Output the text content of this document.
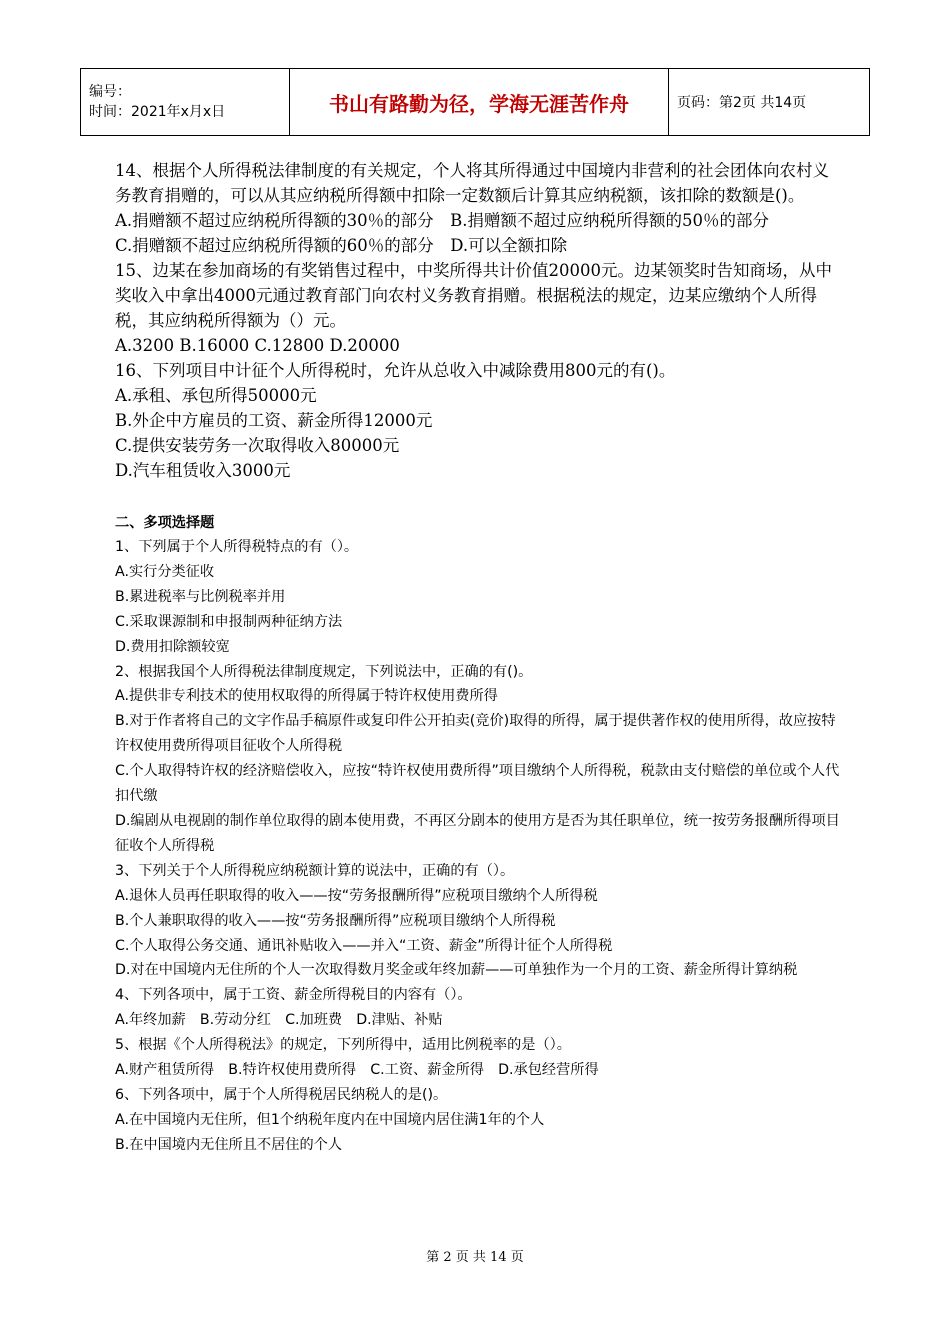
编号：
时间：2021年x月x日	书山有路勤为径，学海无涯苦作舟	页码：第2页 共14页

14、根据个人所得税法律制度的有关规定，个人将其所得通过中国境内非营利的社会团体向农村义务教育捐赠的，可以从其应纳税所得额中扣除一定数额后计算其应纳税额，该扣除的数额是()。

A.捐赠额不超过应纳税所得额的30％的部分　B.捐赠额不超过应纳税所得额的50％的部分

C.捐赠额不超过应纳税所得额的60％的部分　D.可以全额扣除

15、边某在参加商场的有奖销售过程中，中奖所得共计价值20000元。边某领奖时告知商场，从中奖收入中拿出4000元通过教育部门向农村义务教育捐赠。根据税法的规定，边某应缴纳个人所得税，其应纳税所得额为（）元。

A.3200 B.16000 C.12800 D.20000

16、下列项目中计征个人所得税时，允许从总收入中减除费用800元的有()。

A.承租、承包所得50000元

B.外企中方雇员的工资、薪金所得12000元

C.提供安装劳务一次取得收入80000元

D.汽车租赁收入3000元

二、多项选择题

1、下列属于个人所得税特点的有（）。

A.实行分类征收

B.累进税率与比例税率并用

C.采取课源制和申报制两种征纳方法

D.费用扣除额较宽

2、根据我国个人所得税法律制度规定，下列说法中，正确的有()。

A.提供非专利技术的使用权取得的所得属于特许权使用费所得

B.对于作者将自己的文字作品手稿原件或复印件公开拍卖(竞价)取得的所得，属于提供著作权的使用所得，故应按特许权使用费所得项目征收个人所得税

C.个人取得特许权的经济赔偿收入，应按“特许权使用费所得”项目缴纳个人所得税，税款由支付赔偿的单位或个人代扣代缴

D.编剧从电视剧的制作单位取得的剧本使用费，不再区分剧本的使用方是否为其任职单位，统一按劳务报酬所得项目征收个人所得税

3、下列关于个人所得税应纳税额计算的说法中，正确的有（）。

A.退休人员再任职取得的收入——按“劳务报酬所得”应税项目缴纳个人所得税

B.个人兼职取得的收入——按“劳务报酬所得”应税项目缴纳个人所得税

C.个人取得公务交通、通讯补贴收入——并入“工资、薪金”所得计征个人所得税

D.对在中国境内无住所的个人一次取得数月奖金或年终加薪——可单独作为一个月的工资、薪金所得计算纳税

4、下列各项中，属于工资、薪金所得税目的内容有（）。

A.年终加薪　B.劳动分红　C.加班费　D.津贴、补贴

5、根据《个人所得税法》的规定，下列所得中，适用比例税率的是（）。

A.财产租赁所得　B.特许权使用费所得　C.工资、薪金所得　D.承包经营所得

6、下列各项中，属于个人所得税居民纳税人的是()。

A.在中国境内无住所，但1个纳税年度内在中国境内居住满1年的个人

B.在中国境内无住所且不居住的个人

第 2 页 共 14 页
